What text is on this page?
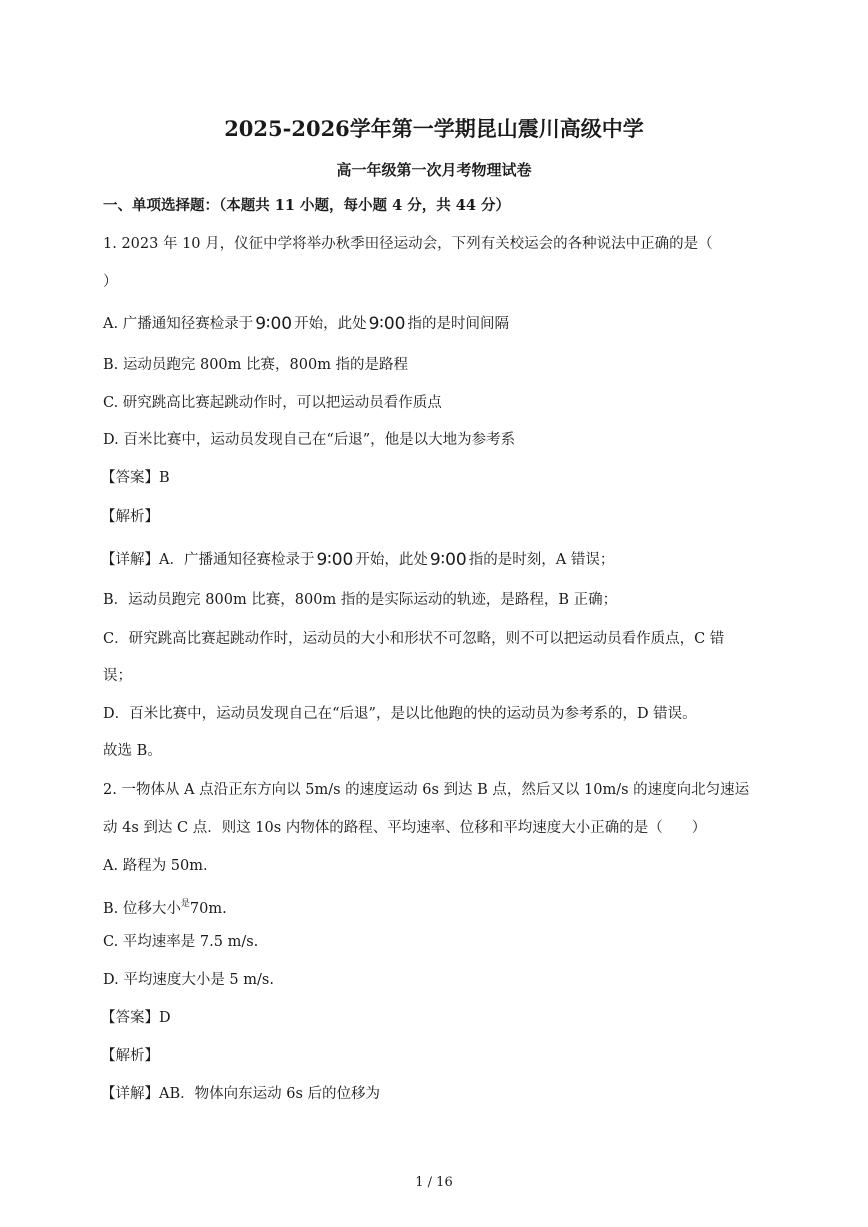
2025-2026学年第一学期昆山震川高级中学
高一年级第一次月考物理试卷
一、单项选择题：（本题共 11 小题，每小题 4 分，共 44 分）
1. 2023 年 10 月，仪征中学将举办秋季田径运动会，下列有关校运会的各种说法中正确的是（
）
A. 广播通知径赛检录于 9∶00 开始，此处 9∶00 指的是时间间隔
B. 运动员跑完 800m 比赛，800m 指的是路程
C. 研究跳高比赛起跳动作时，可以把运动员看作质点
D. 百米比赛中，运动员发现自己在“后退”，他是以大地为参考系
【答案】B
【解析】
【详解】A．广播通知径赛检录于 9∶00 开始，此处 9∶00 指的是时刻，A 错误；
B．运动员跑完 800m 比赛，800m 指的是实际运动的轨迹，是路程，B 正确；
C．研究跳高比赛起跳动作时，运动员的大小和形状不可忽略，则不可以把运动员看作质点，C 错
误；
D．百米比赛中，运动员发现自己在“后退”，是以比他跑的快的运动员为参考系的，D 错误。
故选 B。
2. 一物体从 A 点沿正东方向以 5m/s 的速度运动 6s 到达 B 点，然后又以 10m/s 的速度向北匀速运
动 4s 到达 C 点．则这 10s 内物体的路程、平均速率、位移和平均速度大小正确的是（　　）
A. 路程为 50m.
B. 位移大小$^是$70m.
C. 平均速率是 7.5 m/s.
D. 平均速度大小是 5 m/s.
【答案】D
【解析】
【详解】AB．物体向东运动 6s 后的位移为
1 / 16
